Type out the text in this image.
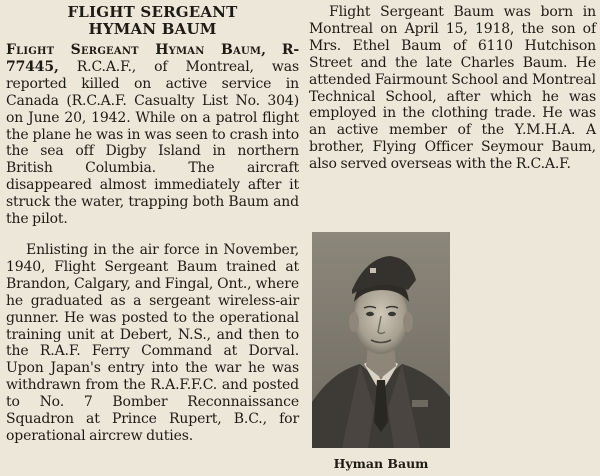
FLIGHT SERGEANT
HYMAN BAUM

Flight Sergeant Hyman Baum, R-77445, R.C.A.F., of Montreal, was reported killed on active service in Canada (R.C.A.F. Casualty List No. 304) on June 20, 1942. While on a patrol flight the plane he was in was seen to crash into the sea off Digby Island in northern British Columbia. The aircraft disappeared almost immediately after it struck the water, trapping both Baum and the pilot.

Enlisting in the air force in November, 1940, Flight Sergeant Baum trained at Brandon, Calgary, and Fingal, Ont., where he graduated as a sergeant wireless-air gunner. He was posted to the operational training unit at Debert, N.S., and then to the R.A.F. Ferry Command at Dorval. Upon Japan's entry into the war he was withdrawn from the R.A.F.F.C. and posted to No. 7 Bomber Reconnaissance Squadron at Prince Rupert, B.C., for operational aircrew duties.

Flight Sergeant Baum was born in Montreal on April 15, 1918, the son of Mrs. Ethel Baum of 6110 Hutchison Street and the late Charles Baum. He attended Fairmount School and Montreal Technical School, after which he was employed in the clothing trade. He was an active member of the Y.M.H.A. A brother, Flying Officer Seymour Baum, also served overseas with the R.C.A.F.

Hyman Baum
